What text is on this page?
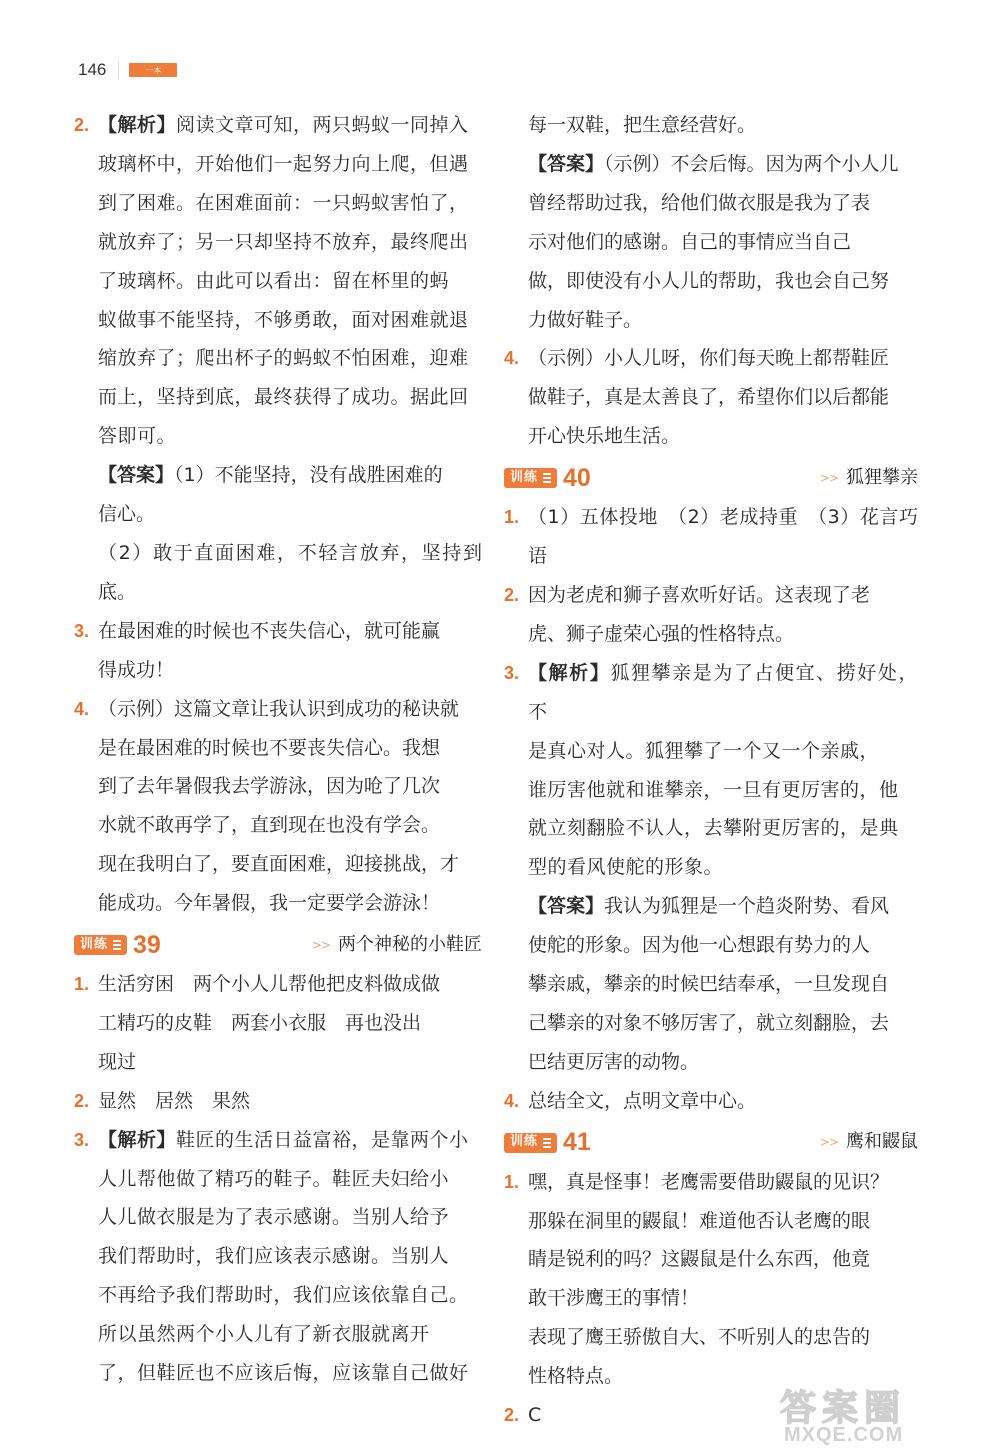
146	一本
2. 【解析】阅读文章可知，两只蚂蚁一同掉入
玻璃杯中，开始他们一起努力向上爬，但遇
到了困难。在困难面前：一只蚂蚁害怕了，
就放弃了；另一只却坚持不放弃，最终爬出
了玻璃杯。由此可以看出：留在杯里的蚂
蚁做事不能坚持，不够勇敢，面对困难就退
缩放弃了；爬出杯子的蚂蚁不怕困难，迎难
而上，坚持到底，最终获得了成功。据此回
答即可。
【答案】（1）不能坚持，没有战胜困难的
信心。
（2）敢于直面困难，不轻言放弃，坚持到底。
3. 在最困难的时候也不丧失信心，就可能赢
得成功！
4. （示例）这篇文章让我认识到成功的秘诀就
是在最困难的时候也不要丧失信心。我想
到了去年暑假我去学游泳，因为呛了几次
水就不敢再学了，直到现在也没有学会。
现在我明白了，要直面困难，迎接挑战，才
能成功。今年暑假，我一定要学会游泳！
训练 39	>> 两个神秘的小鞋匠
1. 生活穷困　两个小人儿帮他把皮料做成做
工精巧的皮鞋　两套小衣服　再也没出
现过
2. 显然　居然　果然
3. 【解析】鞋匠的生活日益富裕，是靠两个小
人儿帮他做了精巧的鞋子。鞋匠夫妇给小
人儿做衣服是为了表示感谢。当别人给予
我们帮助时，我们应该表示感谢。当别人
不再给予我们帮助时，我们应该依靠自己。
所以虽然两个小人儿有了新衣服就离开
了，但鞋匠也不应该后悔，应该靠自己做好
每一双鞋，把生意经营好。
【答案】（示例）不会后悔。因为两个小人儿
曾经帮助过我，给他们做衣服是我为了表
示对他们的感谢。自己的事情应当自己
做，即使没有小人儿的帮助，我也会自己努
力做好鞋子。
4. （示例）小人儿呀，你们每天晚上都帮鞋匠
做鞋子，真是太善良了，希望你们以后都能
开心快乐地生活。
训练 40	>> 狐狸攀亲
1. （1）五体投地　（2）老成持重　（3）花言巧语
2. 因为老虎和狮子喜欢听好话。这表现了老
虎、狮子虚荣心强的性格特点。
3. 【解析】狐狸攀亲是为了占便宜、捞好处，不
是真心对人。狐狸攀了一个又一个亲戚，
谁厉害他就和谁攀亲，一旦有更厉害的，他
就立刻翻脸不认人，去攀附更厉害的，是典
型的看风使舵的形象。
【答案】我认为狐狸是一个趋炎附势、看风
使舵的形象。因为他一心想跟有势力的人
攀亲戚，攀亲的时候巴结奉承，一旦发现自
己攀亲的对象不够厉害了，就立刻翻脸，去
巴结更厉害的动物。
4. 总结全文，点明文章中心。
训练 41	>> 鹰和鼹鼠
1. 嘿，真是怪事！老鹰需要借助鼹鼠的见识？
那躲在洞里的鼹鼠！难道他否认老鹰的眼
睛是锐利的吗？这鼹鼠是什么东西，他竟
敢干涉鹰王的事情！
表现了鹰王骄傲自大、不听别人的忠告的
性格特点。
2. C	答案圈
MXQE.COM
